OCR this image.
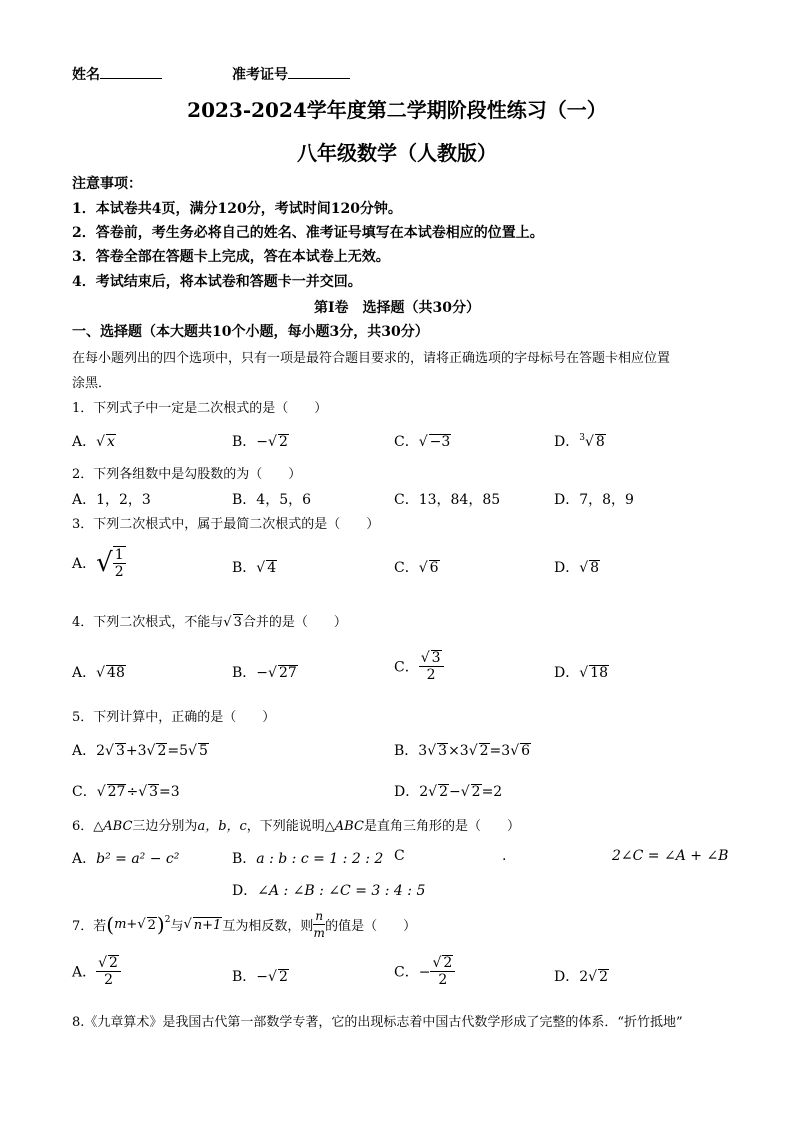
姓名	准考证号
2023-2024学年度第二学期阶段性练习（一）
八年级数学（人教版）
注意事项：
1．本试卷共4页，满分120分，考试时间120分钟。
2．答卷前，考生务必将自己的姓名、准考证号填写在本试卷相应的位置上。
3．答卷全部在答题卡上完成，答在本试卷上无效。
4．考试结束后，将本试卷和答题卡一并交回。
第Ⅰ卷　选择题（共30分）
一、选择题（本大题共10个小题，每小题3分，共30分）
在每小题列出的四个选项中，只有一项是最符合题目要求的，请将正确选项的字母标号在答题卡相应位置
涂黑．
1．下列式子中一定是二次根式的是（　　）
A．√ x	B．−√ 2	C．√ −3	D．$^3$√ 8
2．下列各组数中是勾股数的为（　　）
A．1，2，3	B．4，5，6	C．13，84，85	D．7，8，9
3．下列二次根式中，属于最简二次根式的是（　　）
A．√ $\frac{1}{2}$	B．√ 4	C．√ 6	D．√ 8
4．下列二次根式，不能与√ 3合并的是（　　）
A．√ 48	B．−√ 27	C． $\frac{√ 3}{2}$	D．√ 18
5．下列计算中，正确的是（　　）
A．2√ 3+3√ 2=5√ 5	B．3√ 3×3√ 2=3√ 6
C．√ 27÷√ 3=3	D．2√ 2−√ 2=2
6．△ABC三边分别为a，b，c，下列能说明△ABC是直角三角形的是（　　）
A．b² = a² − c²	B．a : b : c = 1 : 2 : 2 C	.	2∠C = ∠A + ∠B
D．∠A : ∠B : ∠C = 3 : 4 : 5
7．若(m+√ 2)$^2$与√ n+1互为相反数，则 $\frac{n}{m}$ 的值是（　　）
A． $\frac{√ 2}{2}$	B．−√ 2	C．− $\frac{√ 2}{2}$	D．2√ 2
8.《九章算术》是我国古代第一部数学专著，它的出现标志着中国古代数学形成了完整的体系．“折竹抵地”
